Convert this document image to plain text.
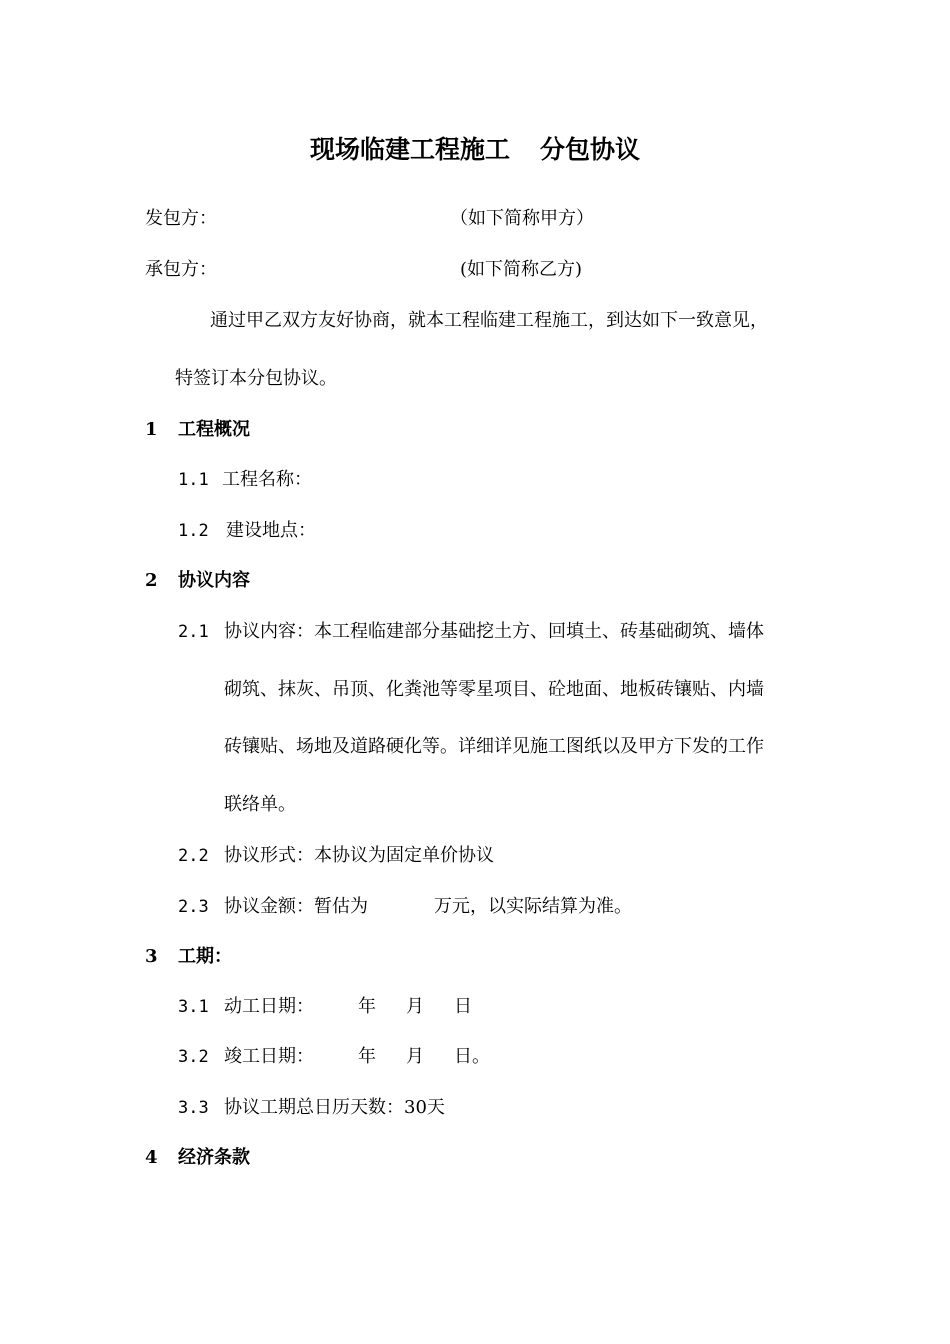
现场临建工程施工 分包协议
发包方：	（如下简称甲方）
承包方：	(如下简称乙方)
通过甲乙双方友好协商，就本工程临建工程施工，到达如下一致意见，
特签订本分包协议。
1 工程概况
1.1 工程名称：
1.2 建设地点：
2 协议内容
2.1 协议内容：本工程临建部分基础挖土方、回填土、砖基础砌筑、墙体
砌筑、抹灰、吊顶、化粪池等零星项目、砼地面、地板砖镶贴、内墙
砖镶贴、场地及道路硬化等。详细详见施工图纸以及甲方下发的工作
联络单。
2.2 协议形式：本协议为固定单价协议
2.3 协议金额：暂估为	万元，以实际结算为准。
3 工期：
3.1 动工日期： 年 月 日
3.2 竣工日期： 年 月 日。
3.3 协议工期总日历天数：30天
4 经济条款
